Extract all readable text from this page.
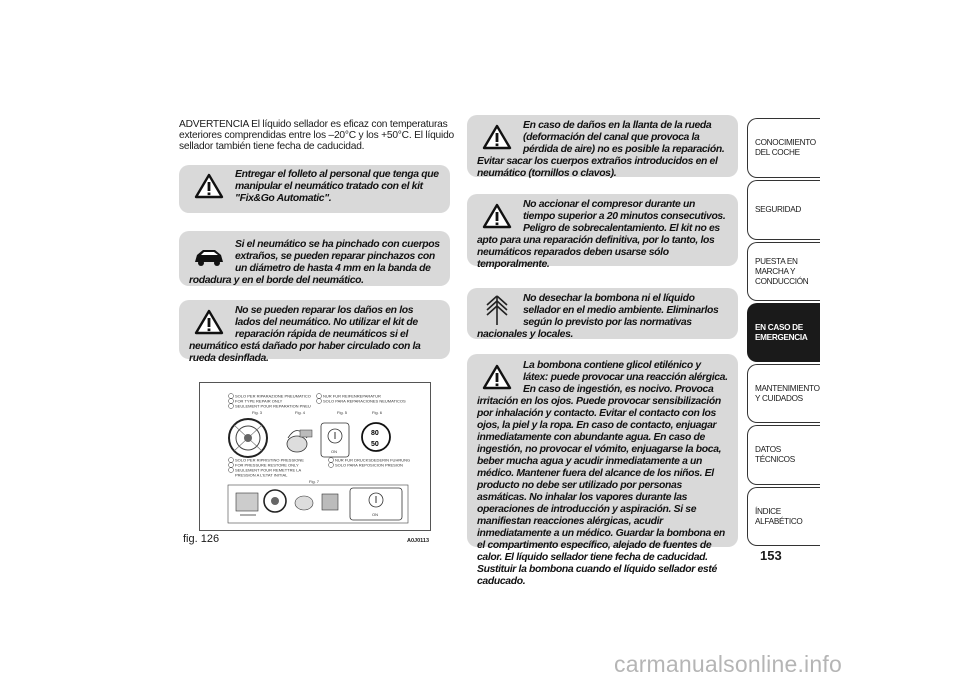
ADVERTENCIA El líquido sellador es eficaz con temperaturas exteriores comprendidas entre los –20°C y los +50°C. El líquido sellador también tiene fecha de caducidad.

Entregar el folleto al personal que tenga que manipular el neumático tratado con el kit "Fix&Go Automatic".

Si el neumático se ha pinchado con cuerpos extraños, se pueden reparar pinchazos con un diámetro de hasta 4 mm en la banda de rodadura y en el borde del neumático.

No se pueden reparar los daños en los lados del neumático. No utilizar el kit de reparación rápida de neumáticos si el neumático está dañado por haber circulado con la rueda desinflada.

SOLO PER RIPARAZIONE PNEUMATICO
FOR TYPE REPAIR ONLY
SEULEMENT POUR REPARATION PNEU
NUR FUR REIFENREPARATUR
SOLO PARA REPARACIONES NEUMATICOS
Fig. 3	Fig. 4	Fig. 5	Fig. 6
ON
80
50
SOLO PER RIPRISTINO PRESSIONE
FOR PRESSURE RESTORE ONLY
SEULEMENT POUR REMETTRE LA
PRESSION A L'ETAT INITIAL
NUR FUR DRUCKSDEDERIN FUHRUNG
SOLO PARA REPOSICION PRESION
Fig. 7
ON
fig. 126	A0J0113

En caso de daños en la llanta de la rueda (deformación del canal que provoca la pérdida de aire) no es posible la reparación. Evitar sacar los cuerpos extraños introducidos en el neumático (tornillos o clavos).

No accionar el compresor durante un tiempo superior a 20 minutos consecutivos. Peligro de sobrecalentamiento. El kit no es apto para una reparación definitiva, por lo tanto, los neumáticos reparados deben usarse sólo temporalmente.

No desechar la bombona ni el líquido sellador en el medio ambiente. Eliminarlos según lo previsto por las normativas nacionales y locales.

La bombona contiene glicol etilénico y látex: puede provocar una reacción alérgica. En caso de ingestión, es nocivo. Provoca irritación en los ojos. Puede provocar sensibilización por inhalación y contacto. Evitar el contacto con los ojos, la piel y la ropa. En caso de contacto, enjuagar inmediatamente con abundante agua. En caso de ingestión, no provocar el vómito, enjuagarse la boca, beber mucha agua y acudir inmediatamente a un médico. Mantener fuera del alcance de los niños. El producto no debe ser utilizado por personas asmáticas. No inhalar los vapores durante las operaciones de introducción y aspiración. Si se manifiestan reacciones alérgicas, acudir inmediatamente a un médico. Guardar la bombona en el compartimento específico, alejado de fuentes de calor. El líquido sellador tiene fecha de caducidad. Sustituir la bombona cuando el líquido sellador esté caducado.

CONOCIMIENTO DEL COCHE
SEGURIDAD
PUESTA EN MARCHA Y CONDUCCIÓN
EN CASO DE EMERGENCIA
MANTENIMIENTO Y CUIDADOS
DATOS TÉCNICOS
ÍNDICE ALFABÉTICO
153
carmanualsonline.info
